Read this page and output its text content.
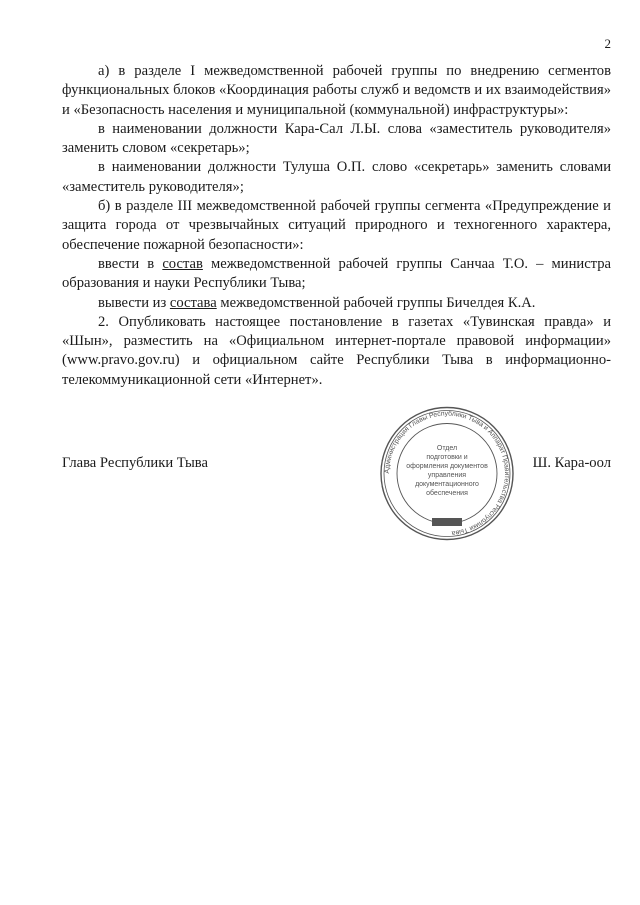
2

а) в разделе I межведомственной рабочей группы по внедрению сегментов функциональных блоков «Координация работы служб и ведомств и их взаимодействия» и «Безопасность населения и муниципальной (коммунальной) инфраструктуры»:

в наименовании должности Кара-Сал Л.Ы. слова «заместитель руководителя» заменить словом «секретарь»;

в наименовании должности Тулуша О.П. слово «секретарь» заменить словами «заместитель руководителя»;

б) в разделе III межведомственной рабочей группы сегмента «Предупреждение и защита города от чрезвычайных ситуаций природного и техногенного характера, обеспечение пожарной безопасности»:

ввести в состав межведомственной рабочей группы Санчаа Т.О. – министра образования и науки Республики Тыва;

вывести из состава межведомственной рабочей группы Бичелдея К.А.

2. Опубликовать настоящее постановление в газетах «Тувинская правда» и «Шын», разместить на «Официальном интернет-портале правовой информации» (www.pravo.gov.ru) и официальном сайте Республики Тыва в информационно-телекоммуникационной сети «Интернет».

Глава Республики Тыва
Администрация Главы Республики Тыва и Аппарат Правительства Республики Тыва
Отдел
подготовки и
оформления документов
управления
документационного
обеспечения
Ш. Кара-оол
